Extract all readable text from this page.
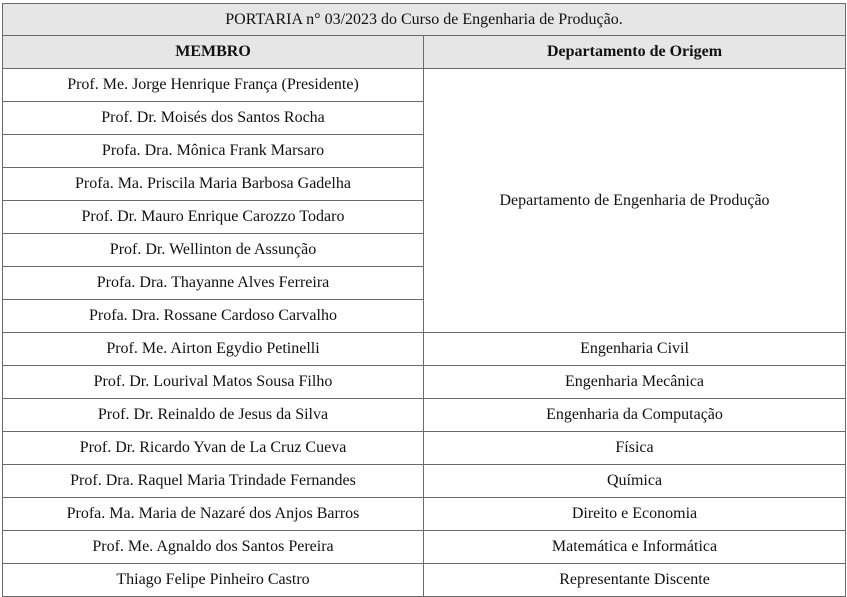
PORTARIA n° 03/2023 do Curso de Engenharia de Produção.	
MEMBRO	Departamento de Origem
Prof. Me. Jorge Henrique França (Presidente)	Departamento de Engenharia de Produção
Prof. Dr. Moisés dos Santos Rocha	
Profa. Dra. Mônica Frank Marsaro	
Profa. Ma. Priscila Maria Barbosa Gadelha	
Prof. Dr. Mauro Enrique Carozzo Todaro	
Prof. Dr. Wellinton de Assunção	
Profa. Dra. Thayanne Alves Ferreira	
Profa. Dra. Rossane Cardoso Carvalho	
Prof. Me. Airton Egydio Petinelli	Engenharia Civil
Prof. Dr. Lourival Matos Sousa Filho	Engenharia Mecânica
Prof. Dr. Reinaldo de Jesus da Silva	Engenharia da Computação
Prof. Dr. Ricardo Yvan de La Cruz Cueva	Física
Prof. Dra. Raquel Maria Trindade Fernandes	Química
Profa. Ma. Maria de Nazaré dos Anjos Barros	Direito e Economia
Prof. Me. Agnaldo dos Santos Pereira	Matemática e Informática
Thiago Felipe Pinheiro Castro	Representante Discente
